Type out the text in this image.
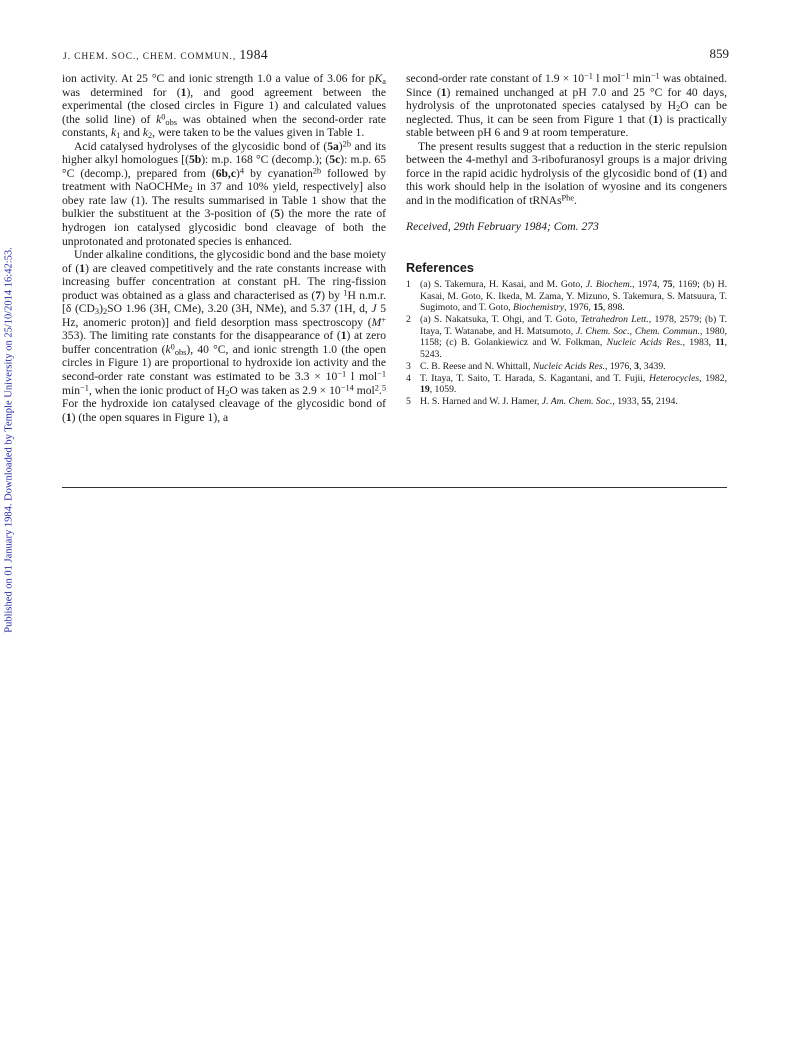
Published on 01 January 1984. Downloaded by Temple University on 25/10/2014 16:42:53.
J. CHEM. SOC., CHEM. COMMUN., 1984	859

ion activity. At 25 °C and ionic strength 1.0 a value of 3.06 for $pK_a$ was determined for (1), and good agreement between the experimental (the closed circles in Figure 1) and calculated values (the solid line) of $k^0_{obs}$ was obtained when the second-order rate constants, $k_1$ and $k_2$, were taken to be the values given in Table 1.

Acid catalysed hydrolyses of the glycosidic bond of $(5a)^{2b}$ and its higher alkyl homologues [(5b): m.p. 168 °C (decomp.); (5c): m.p. 65 °C (decomp.), prepared from $(6b,c)^4$ by cyanation$^{2b}$ followed by treatment with NaOCHMe$_2$ in 37 and 10% yield, respectively] also obey rate law (1). The results summarised in Table 1 show that the bulkier the substituent at the 3-position of (5) the more the rate of hydrogen ion catalysed glycosidic bond cleavage of both the unprotonated and protonated species is enhanced.

Under alkaline conditions, the glycosidic bond and the base moiety of (1) are cleaved competitively and the rate constants increase with increasing buffer concentration at constant pH. The ring-fission product was obtained as a glass and characterised as (7) by $^1$H n.m.r. [δ $(CD_3)_2SO$ 1.96 (3H, CMe), 3.20 (3H, NMe), and 5.37 (1H, d, J 5 Hz, anomeric proton)] and field desorption mass spectroscopy (M+ 353). The limiting rate constants for the disappearance of (1) at zero buffer concentration $(k^0_{obs})$, 40 °C, and ionic strength 1.0 (the open circles in Figure 1) are proportional to hydroxide ion activity and the second-order rate constant was estimated to be $3.3 \times 10^{-1}$ l mol$^{-1}$ $\min^{-1}$, when the ionic product of $H_2O$ was taken as $2.9 \times 10^{-14}$ mol$^2$.$^5$ For the hydroxide ion catalysed cleavage of the glycosidic bond of (1) (the open squares in Figure 1), a

second-order rate constant of $1.9 \times 10^{-1}$ l mol$^{-1}$ $\min^{-1}$ was obtained. Since (1) remained unchanged at pH 7.0 and 25 °C for 40 days, hydrolysis of the unprotonated species catalysed by $H_2O$ can be neglected. Thus, it can be seen from Figure 1 that (1) is practically stable between pH 6 and 9 at room temperature.

The present results suggest that a reduction in the steric repulsion between the 4-methyl and 3-ribofuranosyl groups is a major driving force in the rapid acidic hydrolysis of the glycosidic bond of (1) and this work should help in the isolation of wyosine and its congeners and in the modification of tRNAs$^{Phe}$.

Received, 29th February 1984; Com. 273

References

1 (a) S. Takemura, H. Kasai, and M. Goto, J. Biochem., 1974, 75, 1169; (b) H. Kasai, M. Goto, K. Ikeda, M. Zama, Y. Mizuno, S. Takemura, S. Matsuura, T. Sugimoto, and T. Goto, Biochemistry, 1976, 15, 898.
2 (a) S. Nakatsuka, T. Ohgi, and T. Goto, Tetrahedron Lett., 1978, 2579; (b) T. Itaya, T. Watanabe, and H. Matsumoto, J. Chem. Soc., Chem. Commun., 1980, 1158; (c) B. Golankiewicz and W. Folkman, Nucleic Acids Res., 1983, 11, 5243.
3 C. B. Reese and N. Whittall, Nucleic Acids Res., 1976, 3, 3439.
4 T. Itaya, T. Saito, T. Harada, S. Kagantani, and T. Fujii, Heterocycles, 1982, 19, 1059.
5 H. S. Harned and W. J. Hamer, J. Am. Chem. Soc., 1933, 55, 2194.
